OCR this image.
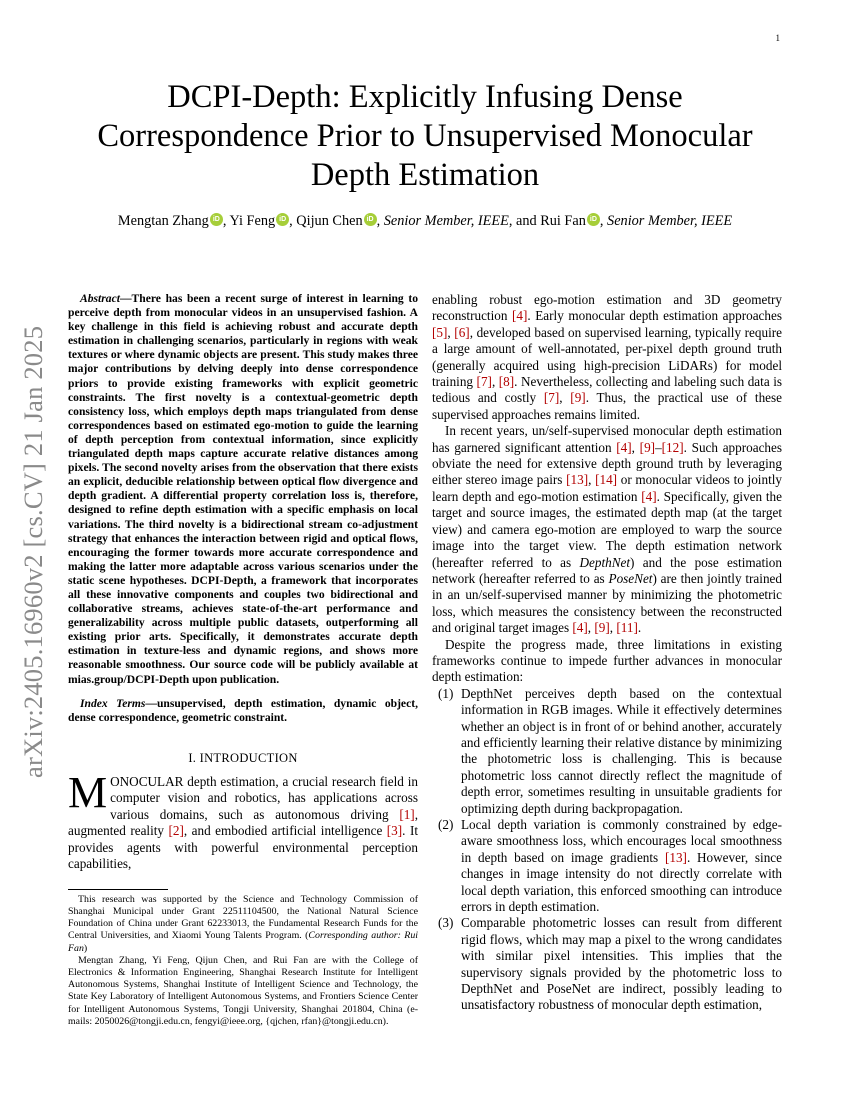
1
DCPI-Depth: Explicitly Infusing Dense Correspondence Prior to Unsupervised Monocular Depth Estimation
Mengtan Zhang iD , Yi Feng iD , Qijun Chen iD , Senior Member, IEEE, and Rui Fan iD , Senior Member, IEEE
arXiv:2405.16960v2 [cs.CV] 21 Jan 2025

Abstract—There has been a recent surge of interest in learning to perceive depth from monocular videos in an unsupervised fashion. A key challenge in this field is achieving robust and accurate depth estimation in challenging scenarios, particularly in regions with weak textures or where dynamic objects are present. This study makes three major contributions by delving deeply into dense correspondence priors to provide existing frameworks with explicit geometric constraints. The first novelty is a contextual-geometric depth consistency loss, which employs depth maps triangulated from dense correspondences based on estimated ego-motion to guide the learning of depth perception from contextual information, since explicitly triangulated depth maps capture accurate relative distances among pixels. The second novelty arises from the observation that there exists an explicit, deducible relationship between optical flow divergence and depth gradient. A differential property correlation loss is, therefore, designed to refine depth estimation with a specific emphasis on local variations. The third novelty is a bidirectional stream co-adjustment strategy that enhances the interaction between rigid and optical flows, encouraging the former towards more accurate correspondence and making the latter more adaptable across various scenarios under the static scene hypotheses. DCPI-Depth, a framework that incorporates all these innovative components and couples two bidirectional and collaborative streams, achieves state-of-the-art performance and generalizability across multiple public datasets, outperforming all existing prior arts. Specifically, it demonstrates accurate depth estimation in texture-less and dynamic regions, and shows more reasonable smoothness. Our source code will be publicly available at mias.group/DCPI-Depth upon publication.

Index Terms—unsupervised, depth estimation, dynamic object, dense correspondence, geometric constraint.

I. INTRODUCTION

MONOCULAR depth estimation, a crucial research field in computer vision and robotics, has applications across various domains, such as autonomous driving [1], augmented reality [2], and embodied artificial intelligence [3]. It provides agents with powerful environmental perception capabilities,

This research was supported by the Science and Technology Commission of Shanghai Municipal under Grant 22511104500, the National Natural Science Foundation of China under Grant 62233013, the Fundamental Research Funds for the Central Universities, and Xiaomi Young Talents Program. (Corresponding author: Rui Fan)

Mengtan Zhang, Yi Feng, Qijun Chen, and Rui Fan are with the College of Electronics & Information Engineering, Shanghai Research Institute for Intelligent Autonomous Systems, Shanghai Institute of Intelligent Science and Technology, the State Key Laboratory of Intelligent Autonomous Systems, and Frontiers Science Center for Intelligent Autonomous Systems, Tongji University, Shanghai 201804, China (e-mails: 2050026@tongji.edu.cn, fengyi@ieee.org, {qjchen, rfan}@tongji.edu.cn).

enabling robust ego-motion estimation and 3D geometry reconstruction [4]. Early monocular depth estimation approaches [5], [6], developed based on supervised learning, typically require a large amount of well-annotated, per-pixel depth ground truth (generally acquired using high-precision LiDARs) for model training [7], [8]. Nevertheless, collecting and labeling such data is tedious and costly [7], [9]. Thus, the practical use of these supervised approaches remains limited.

In recent years, un/self-supervised monocular depth estimation has garnered significant attention [4], [9]–[12]. Such approaches obviate the need for extensive depth ground truth by leveraging either stereo image pairs [13], [14] or monocular videos to jointly learn depth and ego-motion estimation [4]. Specifically, given the target and source images, the estimated depth map (at the target view) and camera ego-motion are employed to warp the source image into the target view. The depth estimation network (hereafter referred to as DepthNet) and the pose estimation network (hereafter referred to as PoseNet) are then jointly trained in an un/self-supervised manner by minimizing the photometric loss, which measures the consistency between the reconstructed and original target images [4], [9], [11].

Despite the progress made, three limitations in existing frameworks continue to impede further advances in monocular depth estimation:

(1) DepthNet perceives depth based on the contextual information in RGB images. While it effectively determines whether an object is in front of or behind another, accurately and efficiently learning their relative distance by minimizing the photometric loss is challenging. This is because photometric loss cannot directly reflect the magnitude of depth error, sometimes resulting in unsuitable gradients for optimizing depth during backpropagation.
(2) Local depth variation is commonly constrained by edge-aware smoothness loss, which encourages local smoothness in depth based on image gradients [13]. However, since changes in image intensity do not directly correlate with local depth variation, this enforced smoothing can introduce errors in depth estimation.
(3) Comparable photometric losses can result from different rigid flows, which may map a pixel to the wrong candidates with similar pixel intensities. This implies that the supervisory signals provided by the photometric loss to DepthNet and PoseNet are indirect, possibly leading to unsatisfactory robustness of monocular depth estimation,
